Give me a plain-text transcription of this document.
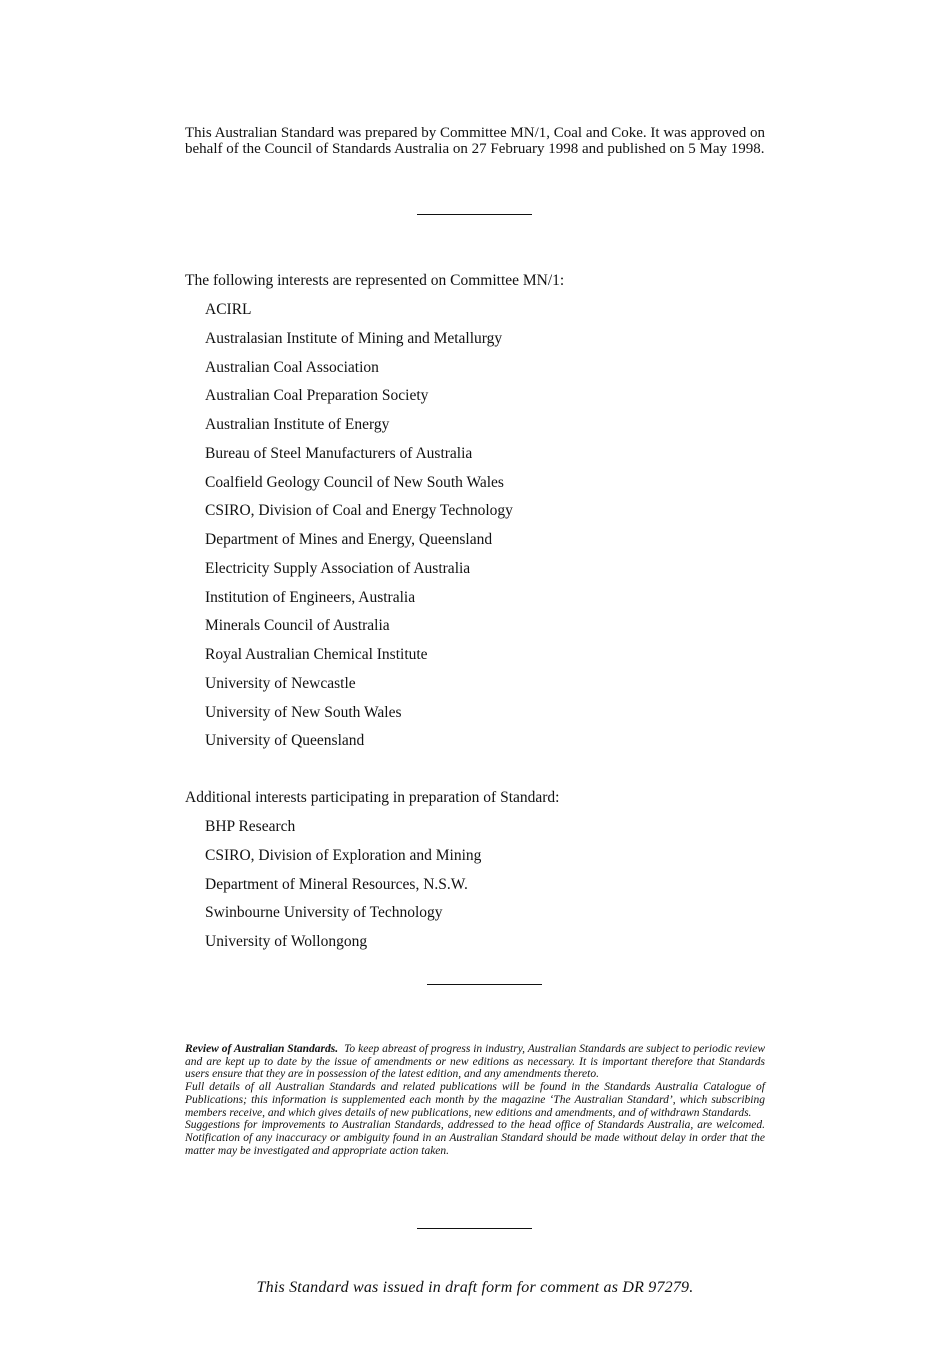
This Australian Standard was prepared by Committee MN/1, Coal and Coke. It was approved on behalf of the Council of Standards Australia on 27 February 1998 and published on 5 May 1998.

The following interests are represented on Committee MN/1:

ACIRL
Australasian Institute of Mining and Metallurgy
Australian Coal Association
Australian Coal Preparation Society
Australian Institute of Energy
Bureau of Steel Manufacturers of Australia
Coalfield Geology Council of New South Wales
CSIRO, Division of Coal and Energy Technology
Department of Mines and Energy, Queensland
Electricity Supply Association of Australia
Institution of Engineers, Australia
Minerals Council of Australia
Royal Australian Chemical Institute
University of Newcastle
University of New South Wales
University of Queensland

Additional interests participating in preparation of Standard:

BHP Research
CSIRO, Division of Exploration and Mining
Department of Mineral Resources, N.S.W.
Swinbourne University of Technology
University of Wollongong

Review of Australian Standards. To keep abreast of progress in industry, Australian Standards are subject to periodic review and are kept up to date by the issue of amendments or new editions as necessary. It is important therefore that Standards users ensure that they are in possession of the latest edition, and any amendments thereto.

Full details of all Australian Standards and related publications will be found in the Standards Australia Catalogue of Publications; this information is supplemented each month by the magazine ‘The Australian Standard’, which subscribing members receive, and which gives details of new publications, new editions and amendments, and of withdrawn Standards.

Suggestions for improvements to Australian Standards, addressed to the head office of Standards Australia, are welcomed. Notification of any inaccuracy or ambiguity found in an Australian Standard should be made without delay in order that the matter may be investigated and appropriate action taken.

This Standard was issued in draft form for comment as DR 97279.
